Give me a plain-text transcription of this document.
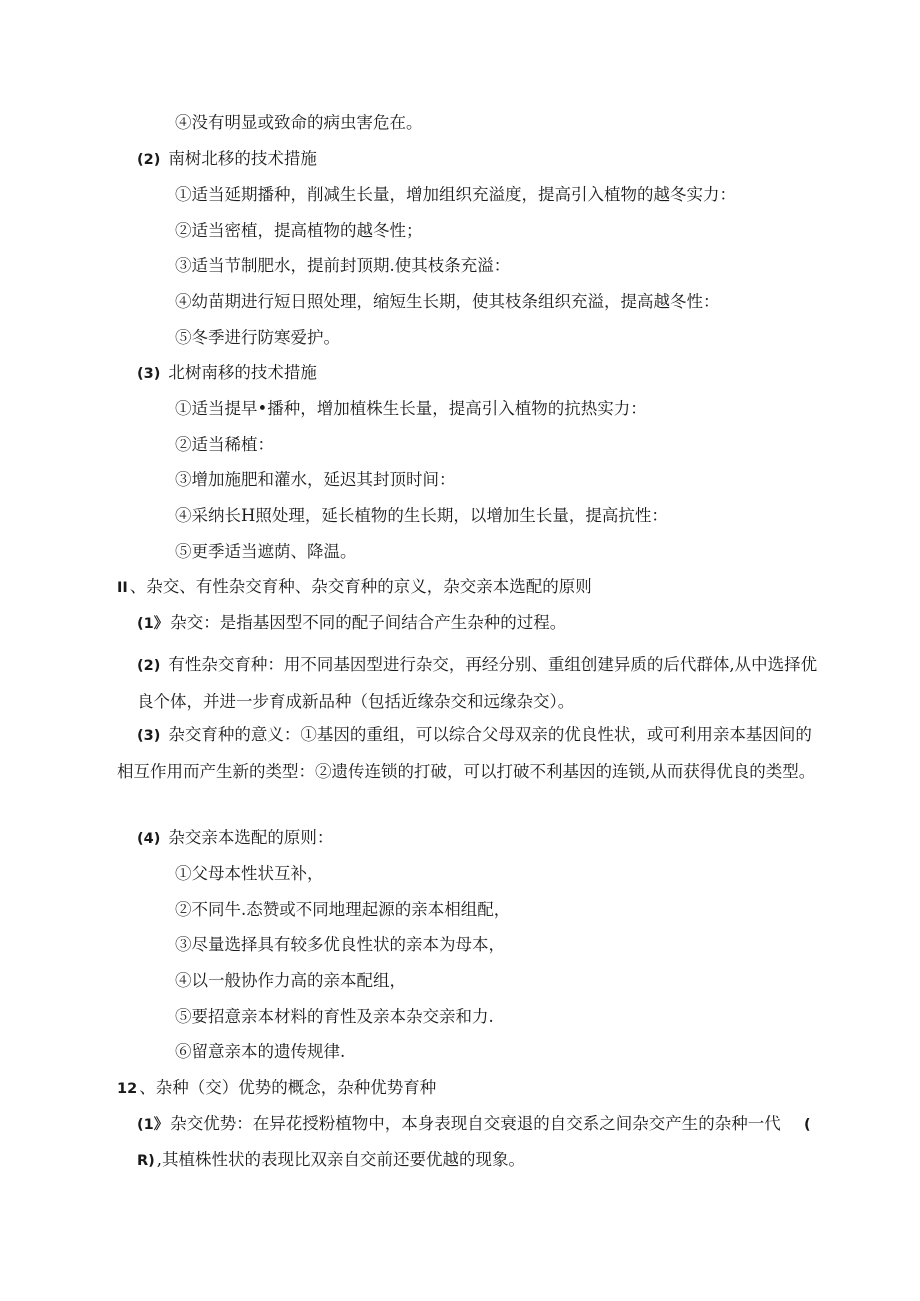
④没有明显或致命的病虫害危在。
(2) 南树北移的技术措施
①适当延期播种，削减生长量，增加组织充溢度，提高引入植物的越冬实力：
②适当密植，提高植物的越冬性；
③适当节制肥水，提前封顶期.使其枝条充溢：
④幼苗期进行短日照处理，缩短生长期，使其枝条组织充溢，提高越冬性：
⑤冬季进行防寒爱护。
(3) 北树南移的技术措施
①适当提早•播种，增加植株生长量，提高引入植物的抗热实力：
②适当稀植：
③增加施肥和灌水，延迟其封顶时间：
④采纳长H照处理，延长植物的生长期，以增加生长量，提高抗性：
⑤更季适当遮荫、降温。
II 、杂交、有性杂交育种、杂交育种的京义，杂交亲本选配的原则
(1》 杂交：是指基因型不同的配子间结合产生杂种的过程。
(2) 有性杂交育种：用不同基因型进行杂交，再经分别、重组创建异质的后代群体,从中选择优良个体，并进一步育成新品种（包括近缘杂交和远缘杂交）。
(3) 杂交育种的意义：①基因的重组，可以综合父母双亲的优良性状，或可利用亲本基因间的相互作用而产生新的类型：②遗传连锁的打破，可以打破不利基因的连锁,从而获得优良的类型。
(4) 杂交亲本选配的原则：
①父母本性状互补，
②不同牛.态赞或不同地理起源的亲本相组配，
③尽量选择具有较多优良性状的亲本为母本，
④以一般协作力高的亲本配组，
⑤要招意亲本材料的育性及亲本杂交亲和力.
⑥留意亲本的遗传规律.
12 、杂种（交）优势的概念，杂种优势育种
(1》 杂交优势：在异花授粉植物中，本身表现自交衰退的自交系之间杂交产生的杂种一代 (
R) ,其植株性状的表现比双亲自交前还要优越的现象。
